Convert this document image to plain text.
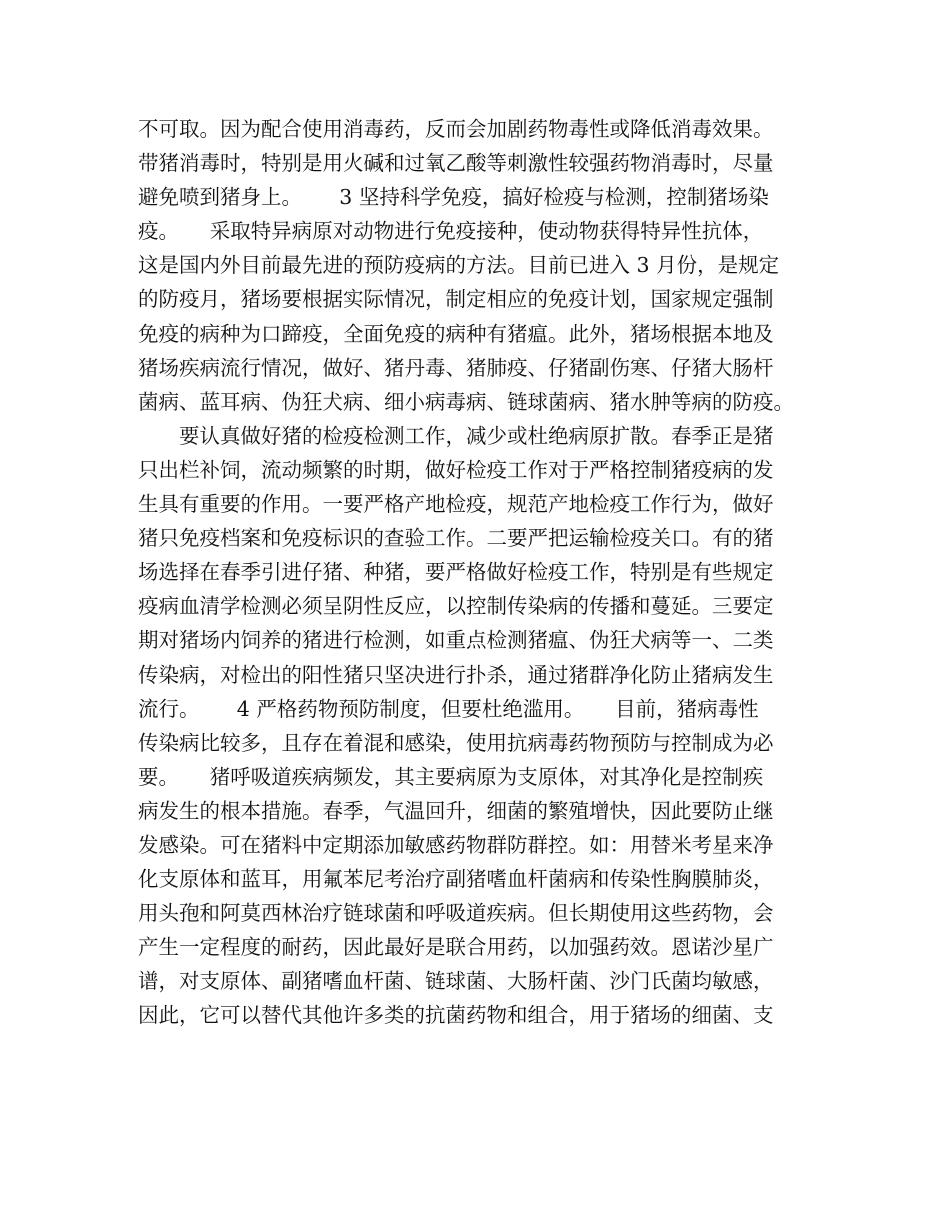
不可取。因为配合使用消毒药，反而会加剧药物毒性或降低消毒效果。
带猪消毒时，特别是用火碱和过氧乙酸等刺激性较强药物消毒时，尽量
避免喷到猪身上。　　 3 坚持科学免疫，搞好检疫与检测，控制猪场染
疫。　　采取特异病原对动物进行免疫接种，使动物获得特异性抗体，
这是国内外目前最先进的预防疫病的方法。目前已进入 3 月份，是规定
的防疫月，猪场要根据实际情况，制定相应的免疫计划，国家规定强制
免疫的病种为口蹄疫，全面免疫的病种有猪瘟。此外，猪场根据本地及
猪场疾病流行情况，做好、猪丹毒、猪肺疫、仔猪副伤寒、仔猪大肠杆
菌病、蓝耳病、伪狂犬病、细小病毒病、链球菌病、猪水肿等病的防疫。
　　要认真做好猪的检疫检测工作，减少或杜绝病原扩散。春季正是猪
只出栏补饲，流动频繁的时期，做好检疫工作对于严格控制猪疫病的发
生具有重要的作用。一要严格产地检疫，规范产地检疫工作行为，做好
猪只免疫档案和免疫标识的查验工作。二要严把运输检疫关口。有的猪
场选择在春季引进仔猪、种猪，要严格做好检疫工作，特别是有些规定
疫病血清学检测必须呈阴性反应，以控制传染病的传播和蔓延。三要定
期对猪场内饲养的猪进行检测，如重点检测猪瘟、伪狂犬病等一、二类
传染病，对检出的阳性猪只坚决进行扑杀，通过猪群净化防止猪病发生
流行。　　 4 严格药物预防制度，但要杜绝滥用。　　目前，猪病毒性
传染病比较多，且存在着混和感染，使用抗病毒药物预防与控制成为必
要。　　猪呼吸道疾病频发，其主要病原为支原体，对其净化是控制疾
病发生的根本措施。春季，气温回升，细菌的繁殖增快，因此要防止继
发感染。可在猪料中定期添加敏感药物群防群控。如：用替米考星来净
化支原体和蓝耳，用氟苯尼考治疗副猪嗜血杆菌病和传染性胸膜肺炎，
用头孢和阿莫西林治疗链球菌和呼吸道疾病。但长期使用这些药物，会
产生一定程度的耐药，因此最好是联合用药，以加强药效。恩诺沙星广
谱，对支原体、副猪嗜血杆菌、链球菌、大肠杆菌、沙门氏菌均敏感，
因此，它可以替代其他许多类的抗菌药物和组合，用于猪场的细菌、支
